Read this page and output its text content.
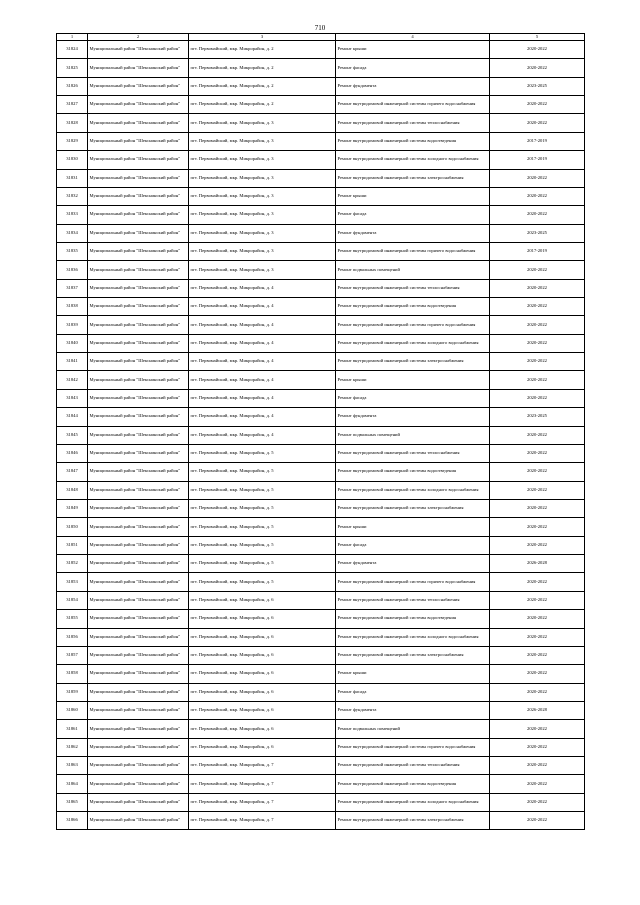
710
1	2	3	4	5
31824	Муниципальный район "Шекснинский район"	пгт. Первомайский, мкр. Микрорайон, д. 2	Ремонт крыши	2020-2022
31825	Муниципальный район "Шекснинский район"	пгт. Первомайский, мкр. Микрорайон, д. 2	Ремонт фасада	2020-2022
31826	Муниципальный район "Шекснинский район"	пгт. Первомайский, мкр. Микрорайон, д. 2	Ремонт фундамента	2023-2025
31827	Муниципальный район "Шекснинский район"	пгт. Первомайский, мкр. Микрорайон, д. 2	Ремонт внутридомовой инженерной системы горячего водоснабжения	2020-2022
31828	Муниципальный район "Шекснинский район"	пгт. Первомайский, мкр. Микрорайон, д. 3	Ремонт внутридомовой инженерной системы теплоснабжения	2020-2022
31829	Муниципальный район "Шекснинский район"	пгт. Первомайский, мкр. Микрорайон, д. 3	Ремонт внутридомовой инженерной системы водоотведения	2017-2019
31830	Муниципальный район "Шекснинский район"	пгт. Первомайский, мкр. Микрорайон, д. 3	Ремонт внутридомовой инженерной системы холодного водоснабжения	2017-2019
31831	Муниципальный район "Шекснинский район"	пгт. Первомайский, мкр. Микрорайон, д. 3	Ремонт внутридомовой инженерной системы электроснабжения	2020-2022
31832	Муниципальный район "Шекснинский район"	пгт. Первомайский, мкр. Микрорайон, д. 3	Ремонт крыши	2020-2022
31833	Муниципальный район "Шекснинский район"	пгт. Первомайский, мкр. Микрорайон, д. 3	Ремонт фасада	2020-2022
31834	Муниципальный район "Шекснинский район"	пгт. Первомайский, мкр. Микрорайон, д. 3	Ремонт фундамента	2023-2025
31835	Муниципальный район "Шекснинский район"	пгт. Первомайский, мкр. Микрорайон, д. 3	Ремонт внутридомовой инженерной системы горячего водоснабжения	2017-2019
31836	Муниципальный район "Шекснинский район"	пгт. Первомайский, мкр. Микрорайон, д. 3	Ремонт подвальных помещений	2020-2022
31837	Муниципальный район "Шекснинский район"	пгт. Первомайский, мкр. Микрорайон, д. 4	Ремонт внутридомовой инженерной системы теплоснабжения	2020-2022
31838	Муниципальный район "Шекснинский район"	пгт. Первомайский, мкр. Микрорайон, д. 4	Ремонт внутридомовой инженерной системы водоотведения	2020-2022
31839	Муниципальный район "Шекснинский район"	пгт. Первомайский, мкр. Микрорайон, д. 4	Ремонт внутридомовой инженерной системы горячего водоснабжения	2020-2022
31840	Муниципальный район "Шекснинский район"	пгт. Первомайский, мкр. Микрорайон, д. 4	Ремонт внутридомовой инженерной системы холодного водоснабжения	2020-2022
31841	Муниципальный район "Шекснинский район"	пгт. Первомайский, мкр. Микрорайон, д. 4	Ремонт внутридомовой инженерной системы электроснабжения	2020-2022
31842	Муниципальный район "Шекснинский район"	пгт. Первомайский, мкр. Микрорайон, д. 4	Ремонт крыши	2020-2022
31843	Муниципальный район "Шекснинский район"	пгт. Первомайский, мкр. Микрорайон, д. 4	Ремонт фасада	2020-2022
31844	Муниципальный район "Шекснинский район"	пгт. Первомайский, мкр. Микрорайон, д. 4	Ремонт фундамента	2023-2025
31845	Муниципальный район "Шекснинский район"	пгт. Первомайский, мкр. Микрорайон, д. 4	Ремонт подвальных помещений	2020-2022
31846	Муниципальный район "Шекснинский район"	пгт. Первомайский, мкр. Микрорайон, д. 5	Ремонт внутридомовой инженерной системы теплоснабжения	2020-2022
31847	Муниципальный район "Шекснинский район"	пгт. Первомайский, мкр. Микрорайон, д. 5	Ремонт внутридомовой инженерной системы водоотведения	2020-2022
31848	Муниципальный район "Шекснинский район"	пгт. Первомайский, мкр. Микрорайон, д. 5	Ремонт внутридомовой инженерной системы холодного водоснабжения	2020-2022
31849	Муниципальный район "Шекснинский район"	пгт. Первомайский, мкр. Микрорайон, д. 5	Ремонт внутридомовой инженерной системы электроснабжения	2020-2022
31850	Муниципальный район "Шекснинский район"	пгт. Первомайский, мкр. Микрорайон, д. 5	Ремонт крыши	2020-2022
31851	Муниципальный район "Шекснинский район"	пгт. Первомайский, мкр. Микрорайон, д. 5	Ремонт фасада	2020-2022
31852	Муниципальный район "Шекснинский район"	пгт. Первомайский, мкр. Микрорайон, д. 5	Ремонт фундамента	2026-2028
31853	Муниципальный район "Шекснинский район"	пгт. Первомайский, мкр. Микрорайон, д. 5	Ремонт внутридомовой инженерной системы горячего водоснабжения	2020-2022
31854	Муниципальный район "Шекснинский район"	пгт. Первомайский, мкр. Микрорайон, д. 6	Ремонт внутридомовой инженерной системы теплоснабжения	2020-2022
31855	Муниципальный район "Шекснинский район"	пгт. Первомайский, мкр. Микрорайон, д. 6	Ремонт внутридомовой инженерной системы водоотведения	2020-2022
31856	Муниципальный район "Шекснинский район"	пгт. Первомайский, мкр. Микрорайон, д. 6	Ремонт внутридомовой инженерной системы холодного водоснабжения	2020-2022
31857	Муниципальный район "Шекснинский район"	пгт. Первомайский, мкр. Микрорайон, д. 6	Ремонт внутридомовой инженерной системы электроснабжения	2020-2022
31858	Муниципальный район "Шекснинский район"	пгт. Первомайский, мкр. Микрорайон, д. 6	Ремонт крыши	2020-2022
31859	Муниципальный район "Шекснинский район"	пгт. Первомайский, мкр. Микрорайон, д. 6	Ремонт фасада	2020-2022
31860	Муниципальный район "Шекснинский район"	пгт. Первомайский, мкр. Микрорайон, д. 6	Ремонт фундамента	2026-2028
31861	Муниципальный район "Шекснинский район"	пгт. Первомайский, мкр. Микрорайон, д. 6	Ремонт подвальных помещений	2020-2022
31862	Муниципальный район "Шекснинский район"	пгт. Первомайский, мкр. Микрорайон, д. 6	Ремонт внутридомовой инженерной системы горячего водоснабжения	2020-2022
31863	Муниципальный район "Шекснинский район"	пгт. Первомайский, мкр. Микрорайон, д. 7	Ремонт внутридомовой инженерной системы теплоснабжения	2020-2022
31864	Муниципальный район "Шекснинский район"	пгт. Первомайский, мкр. Микрорайон, д. 7	Ремонт внутридомовой инженерной системы водоотведения	2020-2022
31865	Муниципальный район "Шекснинский район"	пгт. Первомайский, мкр. Микрорайон, д. 7	Ремонт внутридомовой инженерной системы холодного водоснабжения	2020-2022
31866	Муниципальный район "Шекснинский район"	пгт. Первомайский, мкр. Микрорайон, д. 7	Ремонт внутридомовой инженерной системы электроснабжения	2020-2022
